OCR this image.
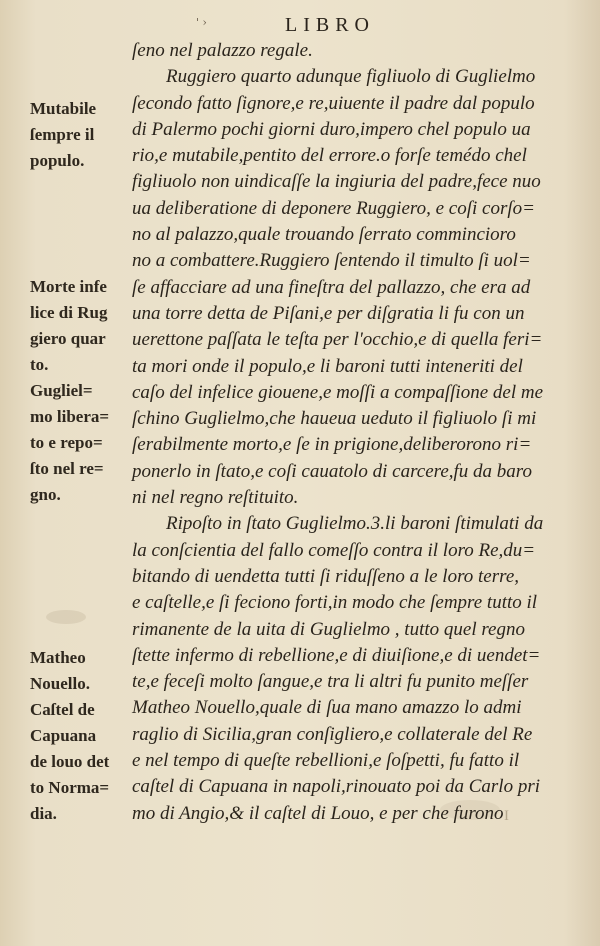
' ›	LIBRO
ſeno nel palazzo regale.
Ruggiero quarto adunque figliuolo di Guglielmo
ſecondo fatto ſignore,e re,uiuente il padre dal populo
di Palermo pochi giorni duro,impero chel populo ua
rio,e mutabile,pentito del errore.o forſe temédo chel
figliuolo non uindicaſſe la ingiuria del padre,fece nuo
ua deliberatione di deponere Ruggiero, e coſi corſo=
no al palazzo,quale trouando ſerrato commincioro
no a combattere.Ruggiero ſentendo il timulto ſi uol=
ſe affacciare ad una fineſtra del pallazzo, che era ad
una torre detta de Piſani,e per diſgratia li fu con un
uerettone paſſata le teſta per l'occhio,e di quella feri=
ta mori onde il populo,e li baroni tutti inteneriti del
caſo del infelice giouene,e moſſi a compaſſione del me
ſchino Guglielmo,che haueua ueduto il figliuolo ſi mi
ſerabilmente morto,e ſe in prigione,deliberorono ri=
ponerlo in ſtato,e coſi cauatolo di carcere,fu da baro
ni nel regno reſtituito.
Ripoſto in ſtato Guglielmo.3.li baroni ſtimulati da
la conſcientia del fallo comeſſo contra il loro Re,du=
bitando di uendetta tutti ſi riduſſeno a le loro terre,
e caſtelle,e ſi feciono forti,in modo che ſempre tutto il
rimanente de la uita di Guglielmo , tutto quel regno
ſtette infermo di rebellione,e di diuiſione,e di uendet=
te,e feceſi molto ſangue,e tra li altri fu punito meſſer
Matheo Nouello,quale di ſua mano amazzo lo admi
raglio di Sicilia,gran conſigliero,e collaterale del Re
e nel tempo di queſte rebellioni,e ſoſpetti, fu fatto il
caſtel di Capuana in napoli,rinouato poi da Carlo pri
mo di Angio,& il caſtel di Louo, e per che furono
Mutabile
ſempre il
populo.
Morte infe
lice di Rug
giero quar
to.
Gugliel=
mo libera=
to e repo=
ſto nel re=
gno.
Matheo
Nouello.
Caſtel de
Capuana
de louo det
to Norma=
dia.	I
